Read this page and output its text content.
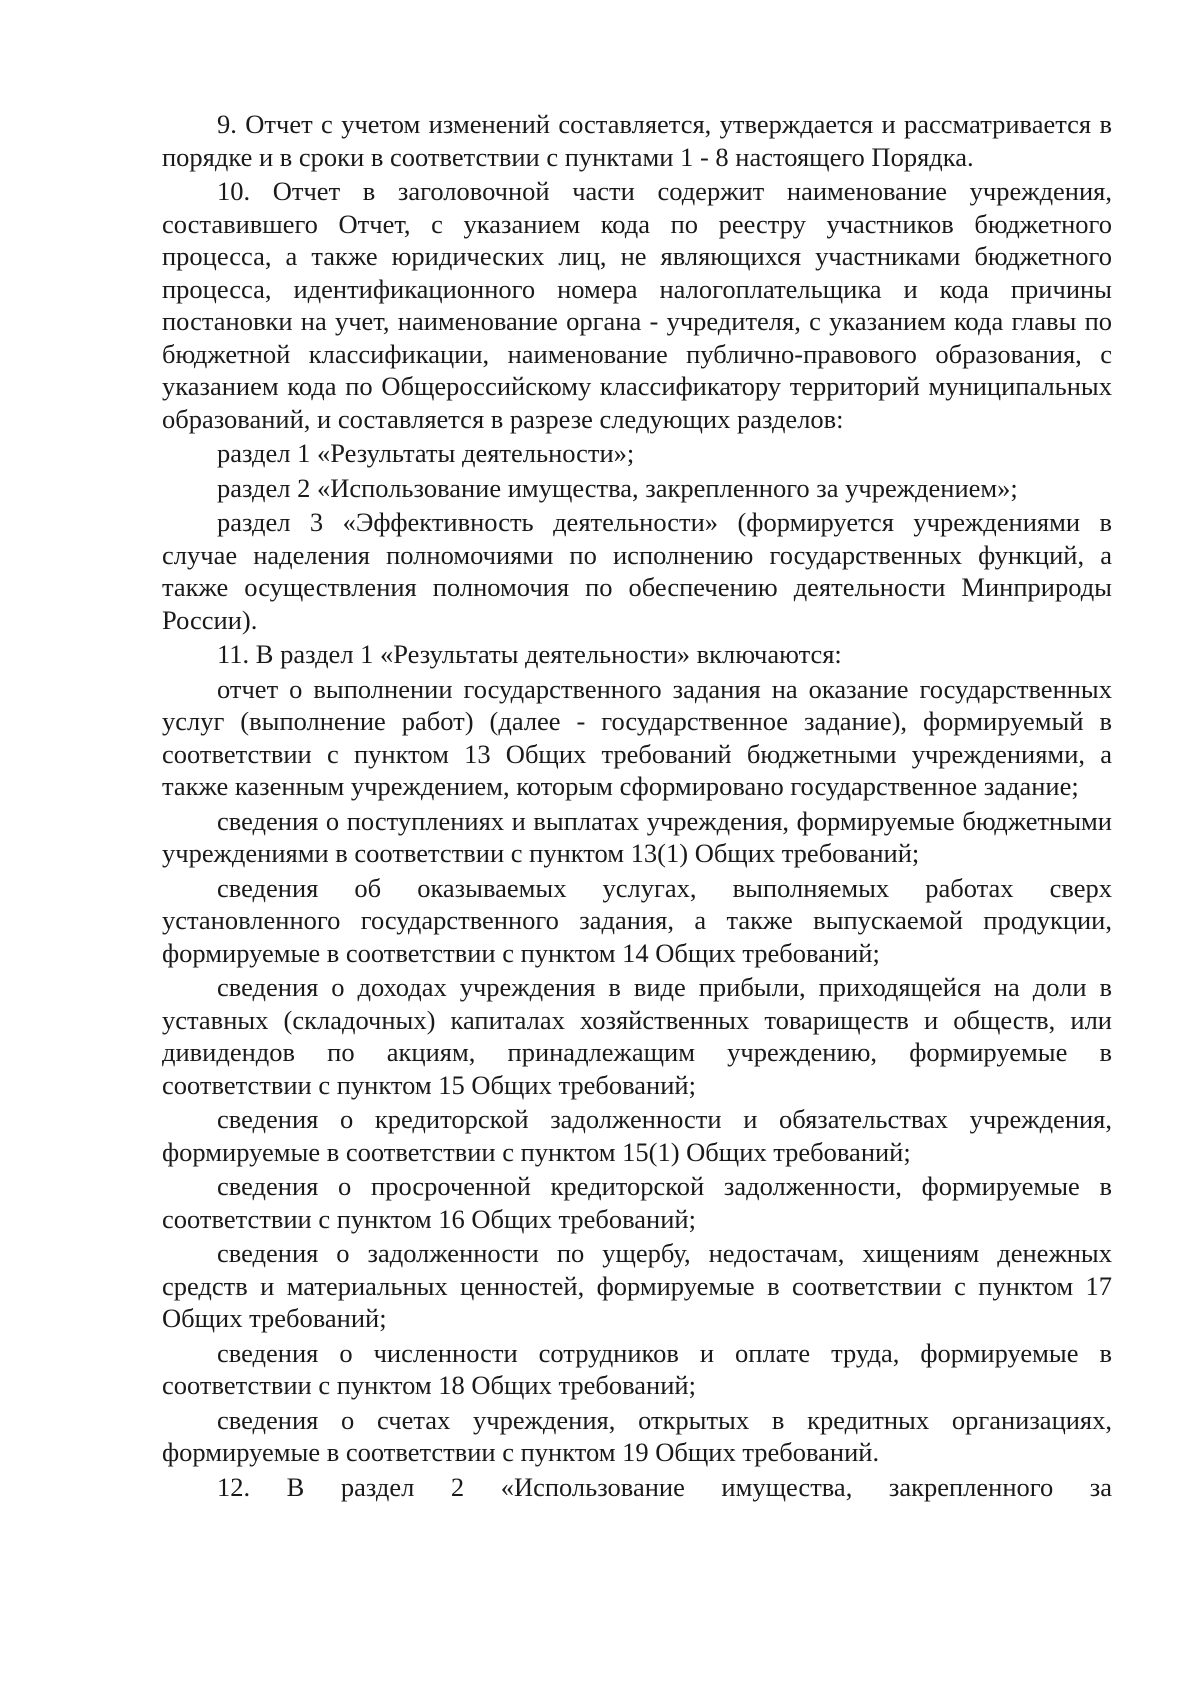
9. Отчет с учетом изменений составляется, утверждается и рассматривается в порядке и в сроки в соответствии с пунктами 1 - 8 настоящего Порядка.

10. Отчет в заголовочной части содержит наименование учреждения, составившего Отчет, с указанием кода по реестру участников бюджетного процесса, а также юридических лиц, не являющихся участниками бюджетного процесса, идентификационного номера налогоплательщика и кода причины постановки на учет, наименование органа - учредителя, с указанием кода главы по бюджетной классификации, наименование публично-правового образования, с указанием кода по Общероссийскому классификатору территорий муниципальных образований, и составляется в разрезе следующих разделов:

раздел 1 «Результаты деятельности»;

раздел 2 «Использование имущества, закрепленного за учреждением»;

раздел 3 «Эффективность деятельности» (формируется учреждениями в случае наделения полномочиями по исполнению государственных функций, а также осуществления полномочия по обеспечению деятельности Минприроды России).

11. В раздел 1 «Результаты деятельности» включаются:

отчет о выполнении государственного задания на оказание государственных услуг (выполнение работ) (далее - государственное задание), формируемый в соответствии с пунктом 13 Общих требований бюджетными учреждениями, а также казенным учреждением, которым сформировано государственное задание;

сведения о поступлениях и выплатах учреждения, формируемые бюджетными учреждениями в соответствии с пунктом 13(1) Общих требований;

сведения об оказываемых услугах, выполняемых работах сверх установленного государственного задания, а также выпускаемой продукции, формируемые в соответствии с пунктом 14 Общих требований;

сведения о доходах учреждения в виде прибыли, приходящейся на доли в уставных (складочных) капиталах хозяйственных товариществ и обществ, или дивидендов по акциям, принадлежащим учреждению, формируемые в соответствии с пунктом 15 Общих требований;

сведения о кредиторской задолженности и обязательствах учреждения, формируемые в соответствии с пунктом 15(1) Общих требований;

сведения о просроченной кредиторской задолженности, формируемые в соответствии с пунктом 16 Общих требований;

сведения о задолженности по ущербу, недостачам, хищениям денежных средств и материальных ценностей, формируемые в соответствии с пунктом 17 Общих требований;

сведения о численности сотрудников и оплате труда, формируемые в соответствии с пунктом 18 Общих требований;

сведения о счетах учреждения, открытых в кредитных организациях, формируемые в соответствии с пунктом 19 Общих требований.

12. В раздел 2 «Использование имущества, закрепленного за
